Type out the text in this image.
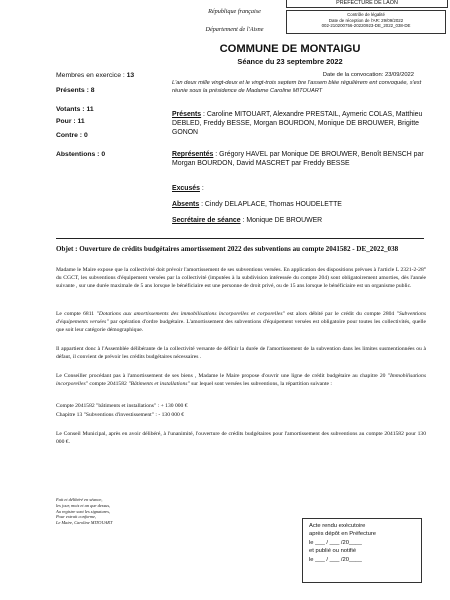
République française
Département de l'Aisne
PREFECTURE DE LAON
Contrôle de légalité
Date de réception de l'AR: 29/09/2022
002-210200756-20220923-DE_2022_038-DE
COMMUNE DE MONTAIGU
Séance du 23 septembre 2022
Membres en exercice : 13
Présents : 8
Votants : 11
Pour : 11
Contre : 0
Abstentions : 0
Date de la convocation: 23/09/2022
L'an deux mille vingt-deux et le vingt-trois septem bre l'assem blée régulièrem ent convoquée, s'est réunie sous la présidence de Madame Caroline MITOUART
Présents : Caroline MITOUART, Alexandre PRESTAIL, Aymeric COLAS, Matthieu DEBLED, Freddy BESSE, Morgan BOURDON, Monique DE BROUWER, Brigitte GONON
Représentés : Grégory HAVEL par Monique DE BROUWER, Benoît BENSCH par Morgan BOURDON, David MASCRET par Freddy BESSE
Excusés :
Absents : Cindy DELAPLACE, Thomas HOUDELETTE
Secrétaire de séance : Monique DE BROUWER
Objet : Ouverture de crédits budgétaires amortissement 2022 des subventions au compte 2041582 - DE_2022_038
Madame le Maire expose que la collectivité doit prévoir l'amortissement de ses subventions versées. En application des dispositions prévues à l'article L 2321-2-28° du CGCT, les subventions d'équipement versées par la collectivité (imputées à la subdivision intéressée du compte 204) sont obligatoirement amorties, dès l'année suivante , sur une durée maximale de 5 ans lorsque le bénéficiaire est une personne de droit privé, ou de 15 ans lorsque le bénéficiaire est un organisme public.
Le compte 6811 "Dotations aux amortissements des immobilisations incorporelles et corporelles" est alors débité par le crédit du compte 2804 "Subventions d'équipements versées" par opération d'ordre budgétaire. L'amortissement des subventions d'équipement versées est obligatoire pour toutes les collectivités, quelle que soit leur catégorie démographique.
Il appartient donc à l'Assemblée délibérante de la collectivité versante de définir la durée de l'amortissement de la subvention dans les limites susmentionnées ou à défaut, il convient de prévoir les crédits budgétaires nécessaires .
Le Conseiller procédant pas à l'amortissement de ses biens , Madame le Maire propose d'ouvrir une ligne de crédit budgétaire au chapitre 20 "Immobilisations incorporelles" compte 2041582 "Bâtiments et installations" sur lequel sont versées les subventions, la répartition suivante :
Compte 2041582 "bâtiments et installations" : + 130 000 €
Chapitre 13 "Subventions d'investissement" : - 130 000 €
Le Conseil Municipal, après en avoir délibéré, à l'unanimité, l'ouverture de crédits budgétaires pour l'amortissement des subventions au compte 2041582 pour 130 000 €.
Fait et délibéré en séance,
les jour, mois et an que dessus,
Au registre sont les signatures,
Pour extrait conforme,
Le Maire, Caroline MITOUART
Acte rendu exécutoire
après dépôt en Préfecture
le ___ / ___ /20____
et publié ou notifié
le ___ / ___ /20____
